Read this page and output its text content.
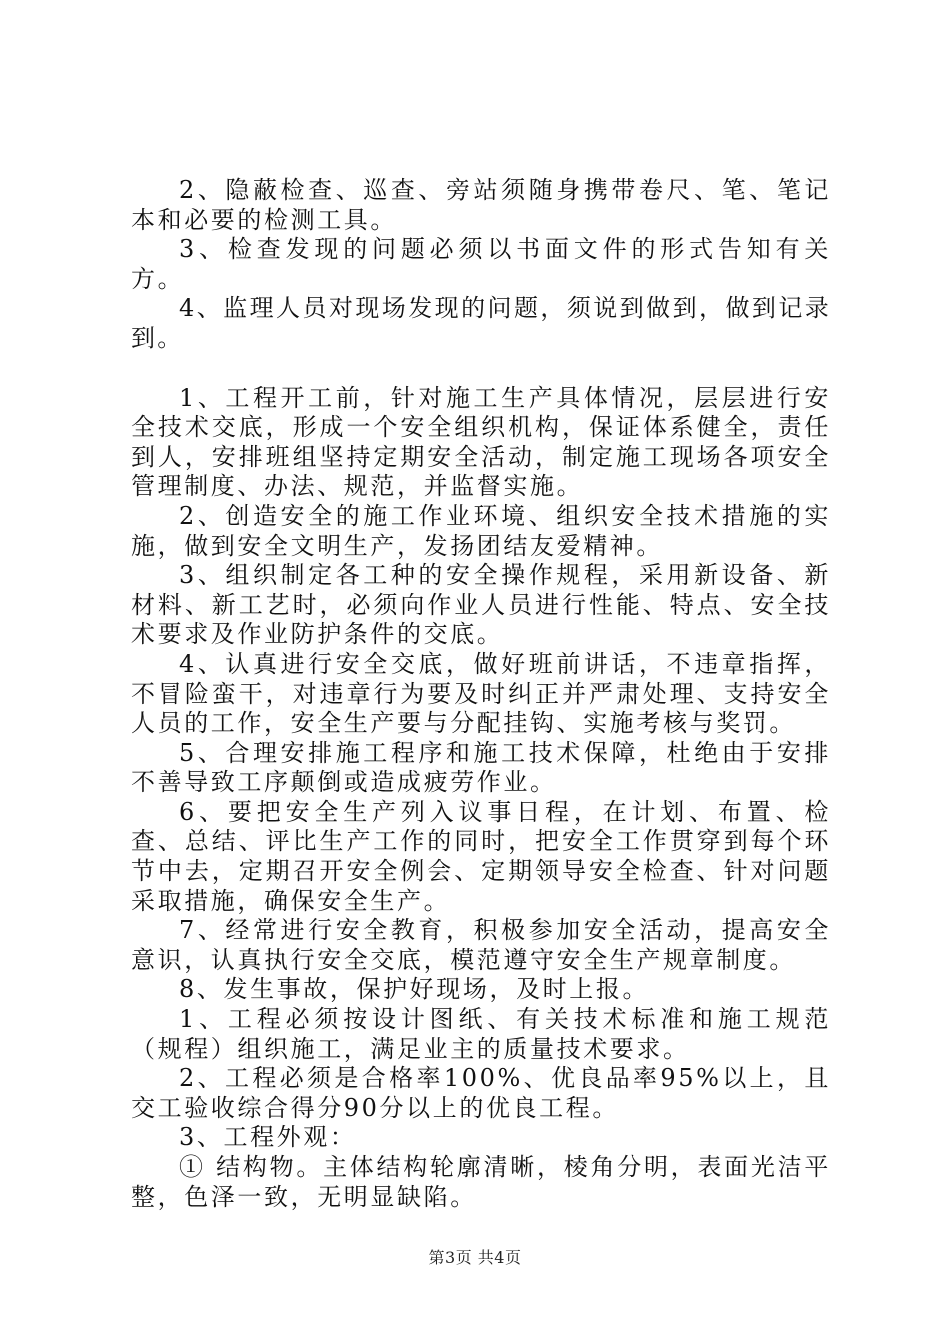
2、隐蔽检查、巡查、旁站须随身携带卷尺、笔、笔记本和必要的检测工具。

3、检查发现的问题必须以书面文件的形式告知有关方。

4、监理人员对现场发现的问题，须说到做到，做到记录到。

1、工程开工前，针对施工生产具体情况，层层进行安全技术交底，形成一个安全组织机构，保证体系健全，责任到人，安排班组坚持定期安全活动，制定施工现场各项安全管理制度、办法、规范，并监督实施。

2、创造安全的施工作业环境、组织安全技术措施的实施，做到安全文明生产，发扬团结友爱精神。

3、组织制定各工种的安全操作规程，采用新设备、新材料、新工艺时，必须向作业人员进行性能、特点、安全技术要求及作业防护条件的交底。

4、认真进行安全交底，做好班前讲话，不违章指挥，不冒险蛮干，对违章行为要及时纠正并严肃处理、支持安全人员的工作，安全生产要与分配挂钩、实施考核与奖罚。

5、合理安排施工程序和施工技术保障，杜绝由于安排不善导致工序颠倒或造成疲劳作业。

6、要把安全生产列入议事日程，在计划、布置、检查、总结、评比生产工作的同时，把安全工作贯穿到每个环节中去，定期召开安全例会、定期领导安全检查、针对问题采取措施，确保安全生产。

7、经常进行安全教育，积极参加安全活动，提高安全意识，认真执行安全交底，模范遵守安全生产规章制度。

8、发生事故，保护好现场，及时上报。

1、工程必须按设计图纸、有关技术标准和施工规范（规程）组织施工，满足业主的质量技术要求。

2、工程必须是合格率100%、优良品率95%以上，且交工验收综合得分90分以上的优良工程。

3、工程外观：

① 结构物。主体结构轮廓清晰，棱角分明，表面光洁平整，色泽一致，无明显缺陷。

第3页 共4页
